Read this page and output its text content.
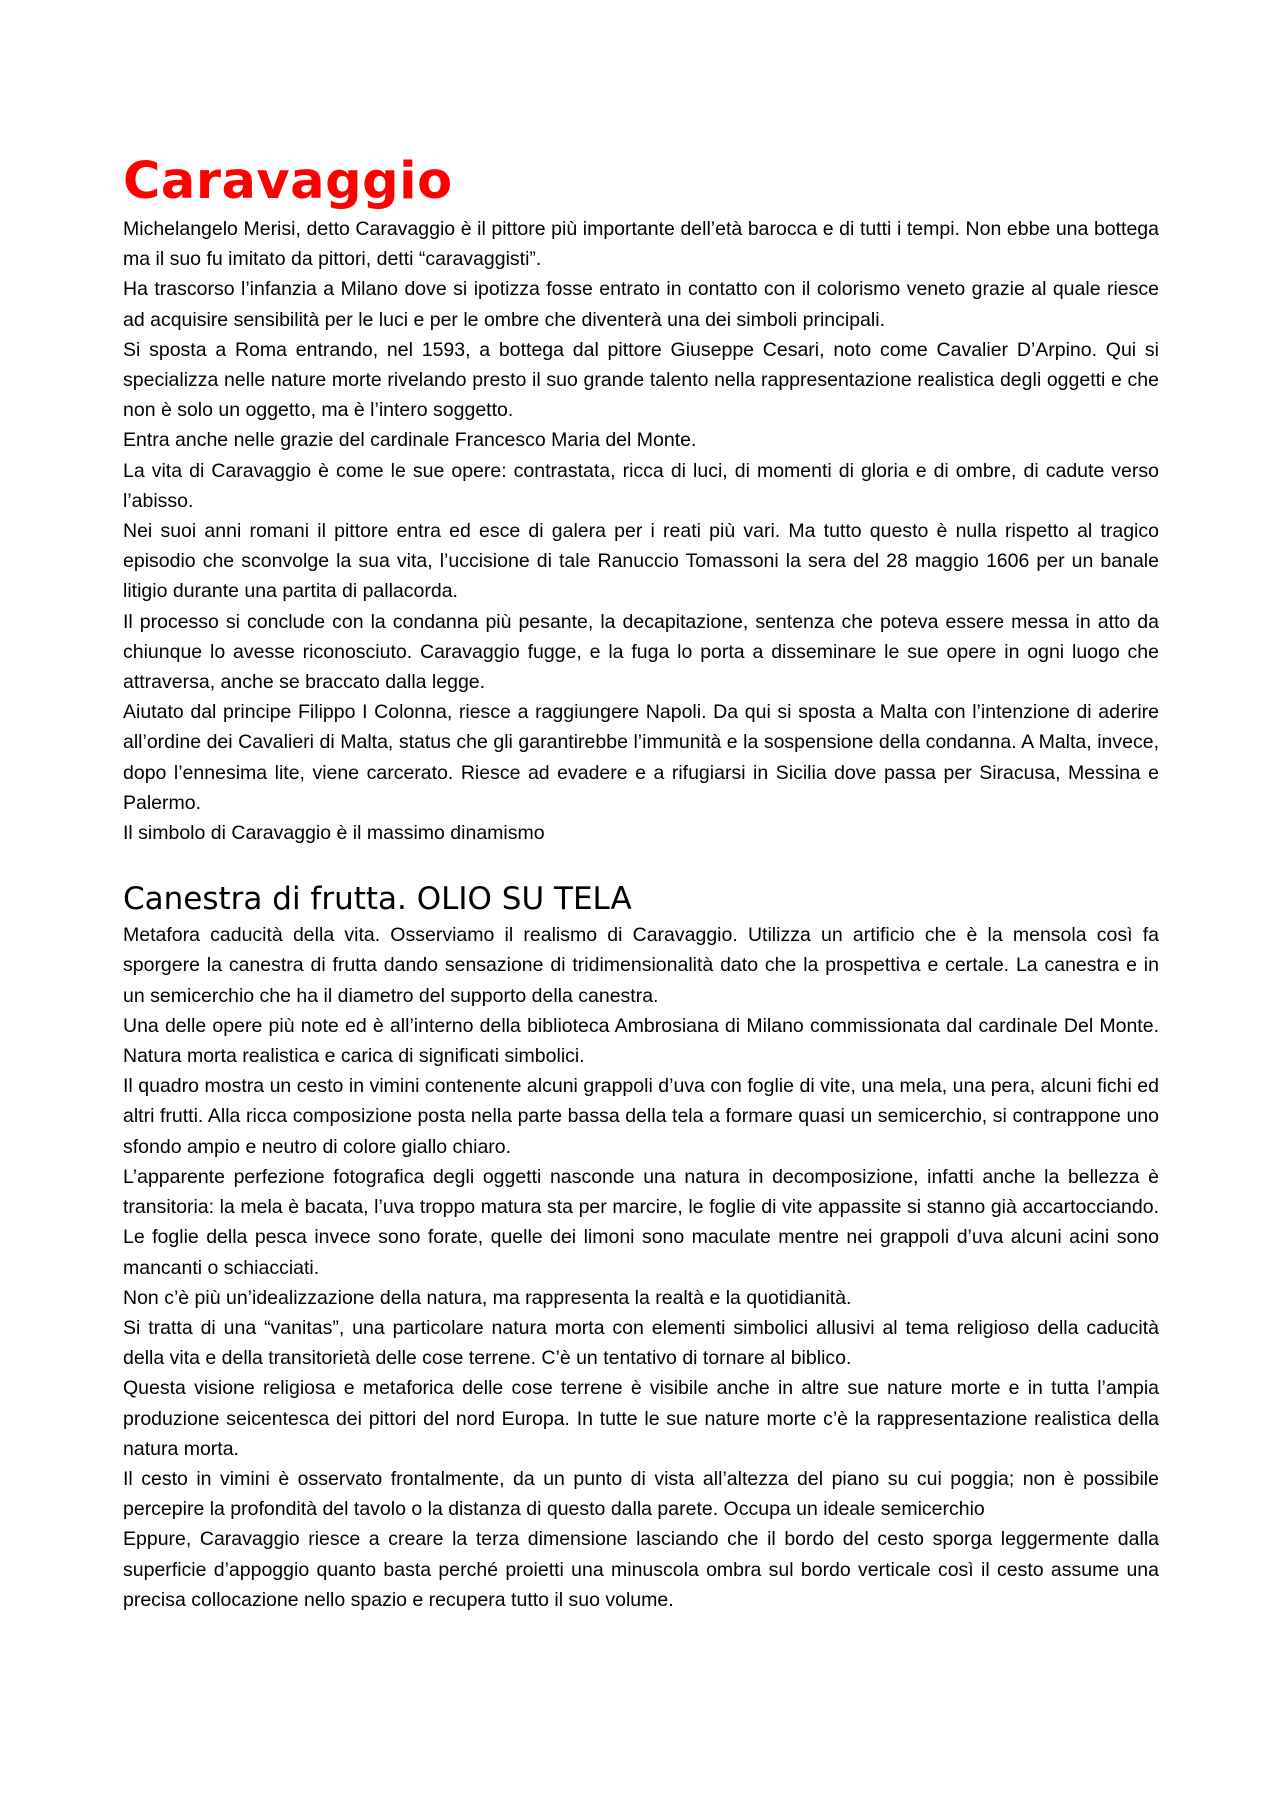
Caravaggio

Michelangelo Merisi, detto Caravaggio è il pittore più importante dell’età barocca e di tutti i tempi. Non ebbe una bottega ma il suo fu imitato da pittori, detti “caravaggisti”.

Ha trascorso l’infanzia a Milano dove si ipotizza fosse entrato in contatto con il colorismo veneto grazie al quale riesce ad acquisire sensibilità per le luci e per le ombre che diventerà una dei simboli principali.

Si sposta a Roma entrando, nel 1593, a bottega dal pittore Giuseppe Cesari, noto come Cavalier D’Arpino. Qui si specializza nelle nature morte rivelando presto il suo grande talento nella rappresentazione realistica degli oggetti e che non è solo un oggetto, ma è l’intero soggetto.

Entra anche nelle grazie del cardinale Francesco Maria del Monte.

La vita di Caravaggio è come le sue opere: contrastata, ricca di luci, di momenti di gloria e di ombre, di cadute verso l’abisso.

Nei suoi anni romani il pittore entra ed esce di galera per i reati più vari. Ma tutto questo è nulla rispetto al tragico episodio che sconvolge la sua vita, l’uccisione di tale Ranuccio Tomassoni la sera del 28 maggio 1606 per un banale litigio durante una partita di pallacorda.

Il processo si conclude con la condanna più pesante, la decapitazione, sentenza che poteva essere messa in atto da chiunque lo avesse riconosciuto. Caravaggio fugge, e la fuga lo porta a disseminare le sue opere in ogni luogo che attraversa, anche se braccato dalla legge.

Aiutato dal principe Filippo I Colonna, riesce a raggiungere Napoli. Da qui si sposta a Malta con l’intenzione di aderire all’ordine dei Cavalieri di Malta, status che gli garantirebbe l’immunità e la sospensione della condanna. A Malta, invece, dopo l’ennesima lite, viene carcerato. Riesce ad evadere e a rifugiarsi in Sicilia dove passa per Siracusa, Messina e Palermo.

Il simbolo di Caravaggio è il massimo dinamismo

Canestra di frutta. OLIO SU TELA

Metafora caducità della vita. Osserviamo il realismo di Caravaggio. Utilizza un artificio che è la mensola così fa sporgere la canestra di frutta dando sensazione di tridimensionalità dato che la prospettiva e certale. La canestra e in un semicerchio che ha il diametro del supporto della canestra.

Una delle opere più note ed è all’interno della biblioteca Ambrosiana di Milano commissionata dal cardinale Del Monte. Natura morta realistica e carica di significati simbolici.

Il quadro mostra un cesto in vimini contenente alcuni grappoli d’uva con foglie di vite, una mela, una pera, alcuni fichi ed altri frutti. Alla ricca composizione posta nella parte bassa della tela a formare quasi un semicerchio, si contrappone uno sfondo ampio e neutro di colore giallo chiaro.

L’apparente perfezione fotografica degli oggetti nasconde una natura in decomposizione, infatti anche la bellezza è transitoria: la mela è bacata, l’uva troppo matura sta per marcire, le foglie di vite appassite si stanno già accartocciando. Le foglie della pesca invece sono forate, quelle dei limoni sono maculate mentre nei grappoli d’uva alcuni acini sono mancanti o schiacciati.

Non c’è più un’idealizzazione della natura, ma rappresenta la realtà e la quotidianità.

Si tratta di una “vanitas”, una particolare natura morta con elementi simbolici allusivi al tema religioso della caducità della vita e della transitorietà delle cose terrene. C’è un tentativo di tornare al biblico.

Questa visione religiosa e metaforica delle cose terrene è visibile anche in altre sue nature morte e in tutta l’ampia produzione seicentesca dei pittori del nord Europa. In tutte le sue nature morte c’è la rappresentazione realistica della natura morta.

Il cesto in vimini è osservato frontalmente, da un punto di vista all’altezza del piano su cui poggia; non è possibile percepire la profondità del tavolo o la distanza di questo dalla parete. Occupa un ideale semicerchio

Eppure, Caravaggio riesce a creare la terza dimensione lasciando che il bordo del cesto sporga leggermente dalla superficie d’appoggio quanto basta perché proietti una minuscola ombra sul bordo verticale così il cesto assume una precisa collocazione nello spazio e recupera tutto il suo volume.
